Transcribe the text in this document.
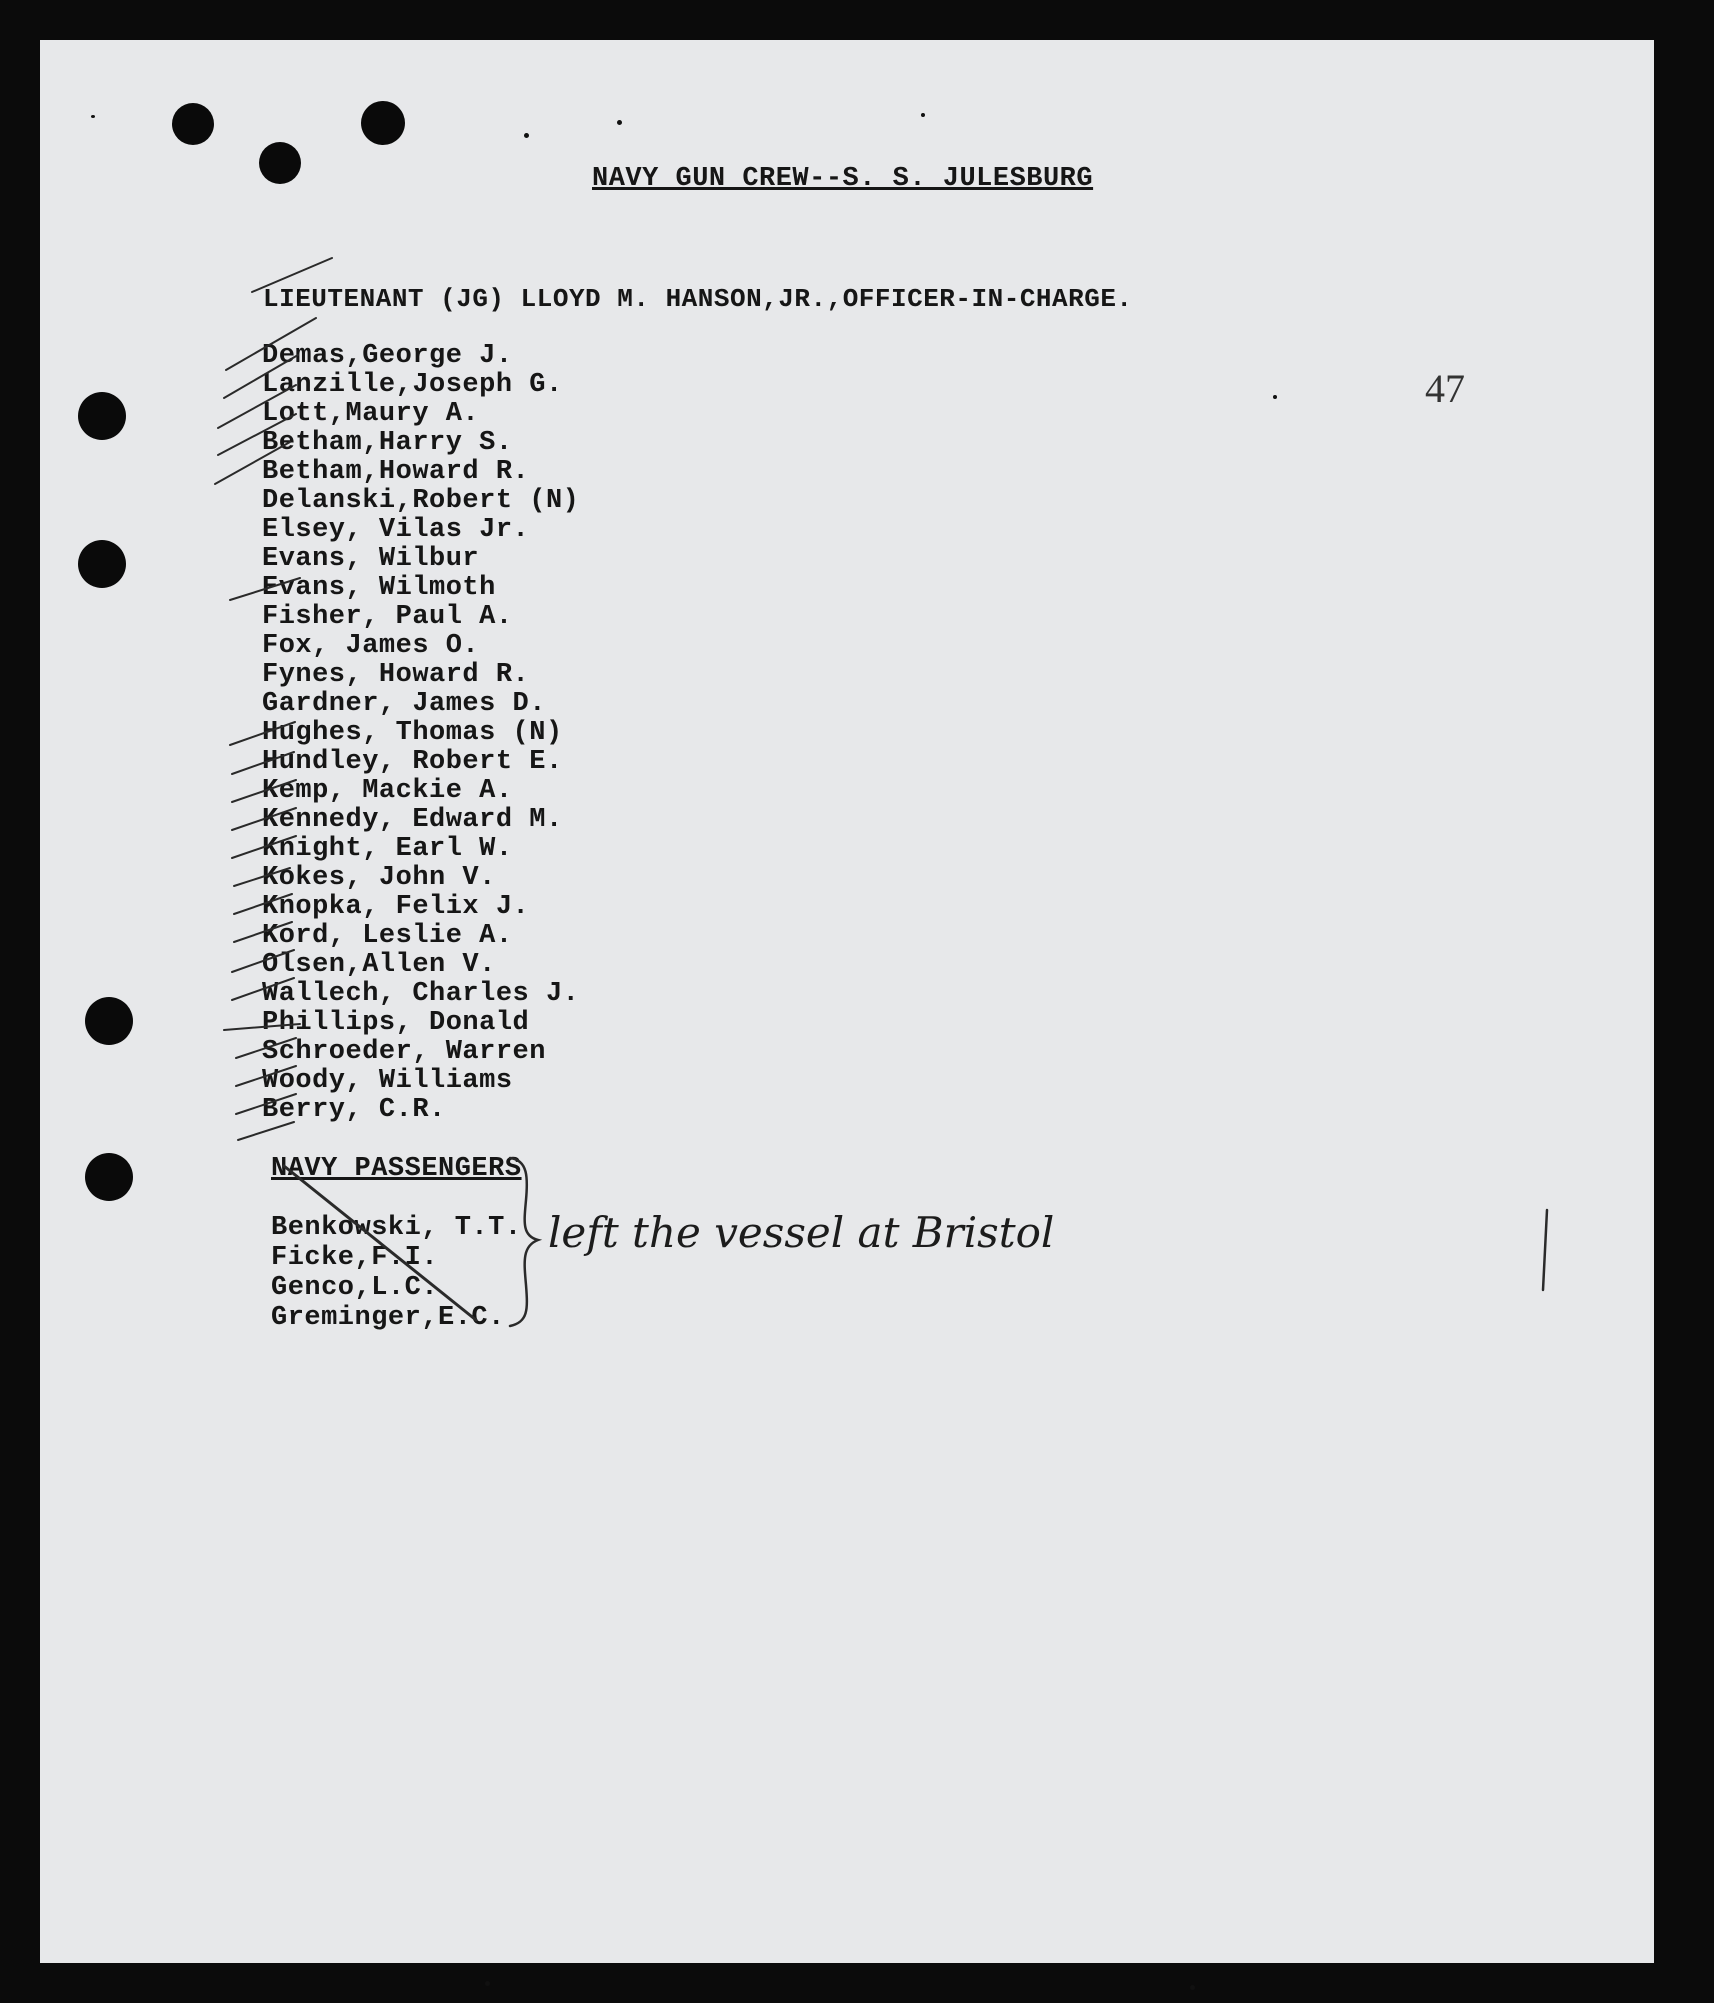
NAVY GUN CREW--S. S. JULESBURG
47
LIEUTENANT (JG) LLOYD M. HANSON,JR.,OFFICER-IN-CHARGE.
Demas,George J.
Lanzille,Joseph G.
Lott,Maury A.
Betham,Harry S.
Betham,Howard R.
Delanski,Robert (N)
Elsey, Vilas Jr.
Evans, Wilbur
Evans, Wilmoth
Fisher, Paul A.
Fox, James O.
Fynes, Howard R.
Gardner, James D.
Hughes, Thomas (N)
Hundley, Robert E.
Kemp, Mackie A.
Kennedy, Edward M.
Knight, Earl W.
Kokes, John V.
Knopka, Felix J.
Kord, Leslie A.
Olsen,Allen V.
Wallech, Charles J.
Phillips, Donald
Schroeder, Warren
Woody, Williams
Berry, C.R.
NAVY PASSENGERS
Benkowski, T.T.
Ficke,F.I.
Genco,L.C.
Greminger,E.C.
left the vessel at Bristol
